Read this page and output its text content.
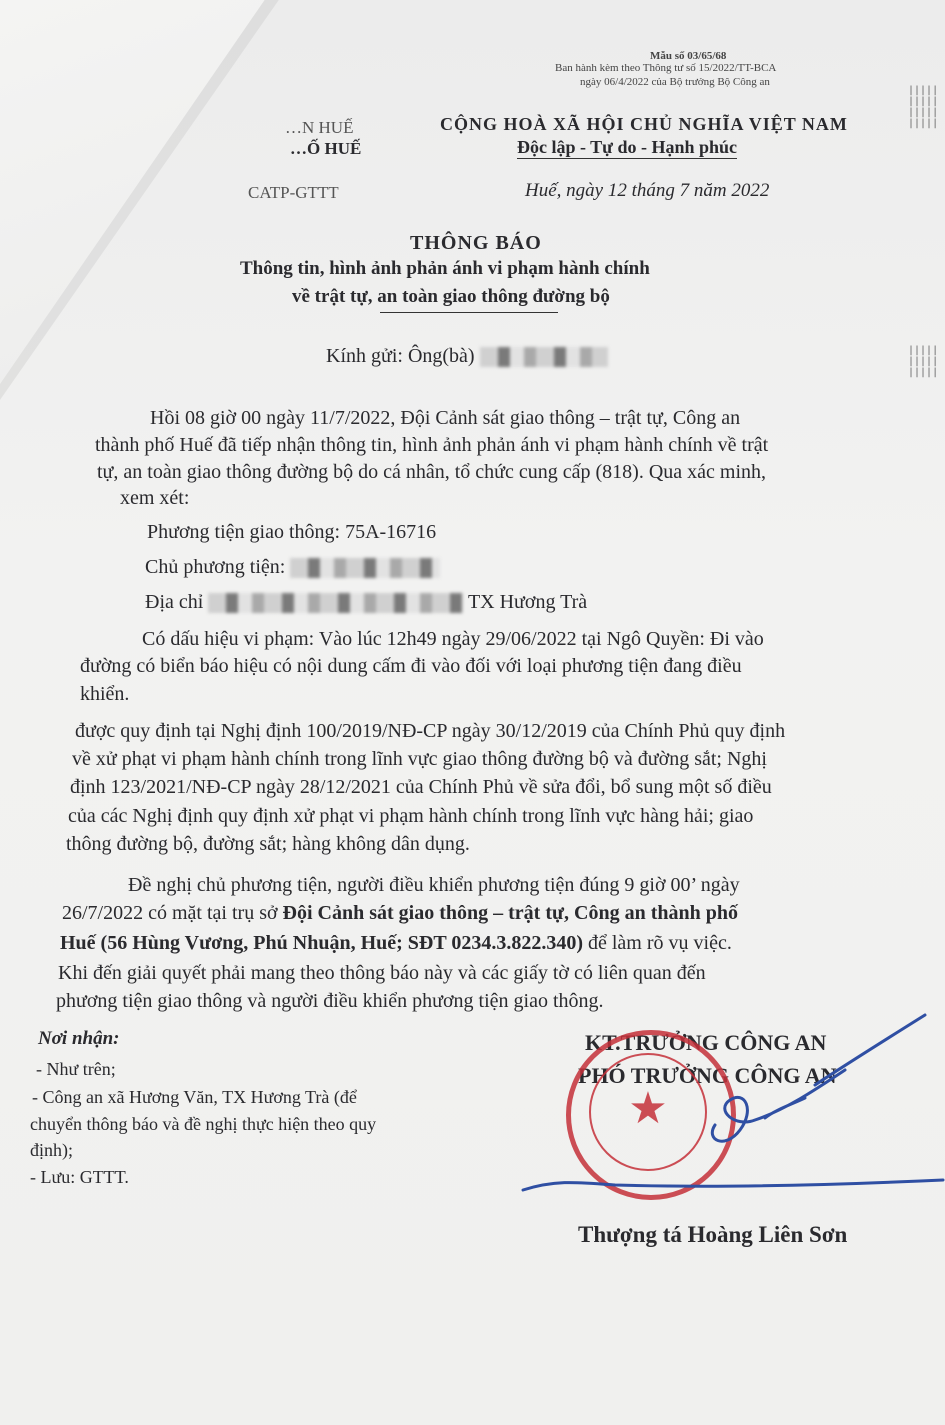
|||||
|||||
|||||
|||||
|||||
|||||
|||||
Mẫu số 03/65/68
Ban hành kèm theo Thông tư số 15/2022/TT-BCA
ngày 06/4/2022 của Bộ trưởng Bộ Công an
…N HUẾ
…Ố HUẾ
CATP-GTTT
CỘNG HOÀ XÃ HỘI CHỦ NGHĨA VIỆT NAM
Độc lập - Tự do - Hạnh phúc
Huế, ngày 12 tháng 7 năm 2022
THÔNG BÁO
Thông tin, hình ảnh phản ánh vi phạm hành chính
về trật tự, an toàn giao thông đường bộ
Kính gửi: Ông(bà)
Hồi 08 giờ 00 ngày 11/7/2022, Đội Cảnh sát giao thông – trật tự, Công an
thành phố Huế đã tiếp nhận thông tin, hình ảnh phản ánh vi phạm hành chính về trật
tự, an toàn giao thông đường bộ do cá nhân, tổ chức cung cấp (818). Qua xác minh,
xem xét:
Phương tiện giao thông: 75A-16716
Chủ phương tiện:
Địa chỉ	TX Hương Trà
Có dấu hiệu vi phạm: Vào lúc 12h49 ngày 29/06/2022 tại Ngô Quyền: Đi vào
đường có biển báo hiệu có nội dung cấm đi vào đối với loại phương tiện đang điều
khiển.
được quy định tại Nghị định 100/2019/NĐ-CP ngày 30/12/2019 của Chính Phủ quy định
về xử phạt vi phạm hành chính trong lĩnh vực giao thông đường bộ và đường sắt; Nghị
định 123/2021/NĐ-CP ngày 28/12/2021 của Chính Phủ về sửa đổi, bổ sung một số điều
của các Nghị định quy định xử phạt vi phạm hành chính trong lĩnh vực hàng hải; giao
thông đường bộ, đường sắt; hàng không dân dụng.
Đề nghị chủ phương tiện, người điều khiển phương tiện đúng 9 giờ 00’ ngày
26/7/2022 có mặt tại trụ sở Đội Cảnh sát giao thông – trật tự, Công an thành phố
Huế (56 Hùng Vương, Phú Nhuận, Huế; SĐT 0234.3.822.340) để làm rõ vụ việc.
Khi đến giải quyết phải mang theo thông báo này và các giấy tờ có liên quan đến
phương tiện giao thông và người điều khiển phương tiện giao thông.
Nơi nhận:
- Như trên;
- Công an xã Hương Văn, TX Hương Trà (để
chuyển thông báo và đề nghị thực hiện theo quy
định);
- Lưu: GTTT.
KT.TRƯỞNG CÔNG AN
PHÓ TRƯỞNG CÔNG AN
★
Thượng tá Hoàng Liên Sơn
